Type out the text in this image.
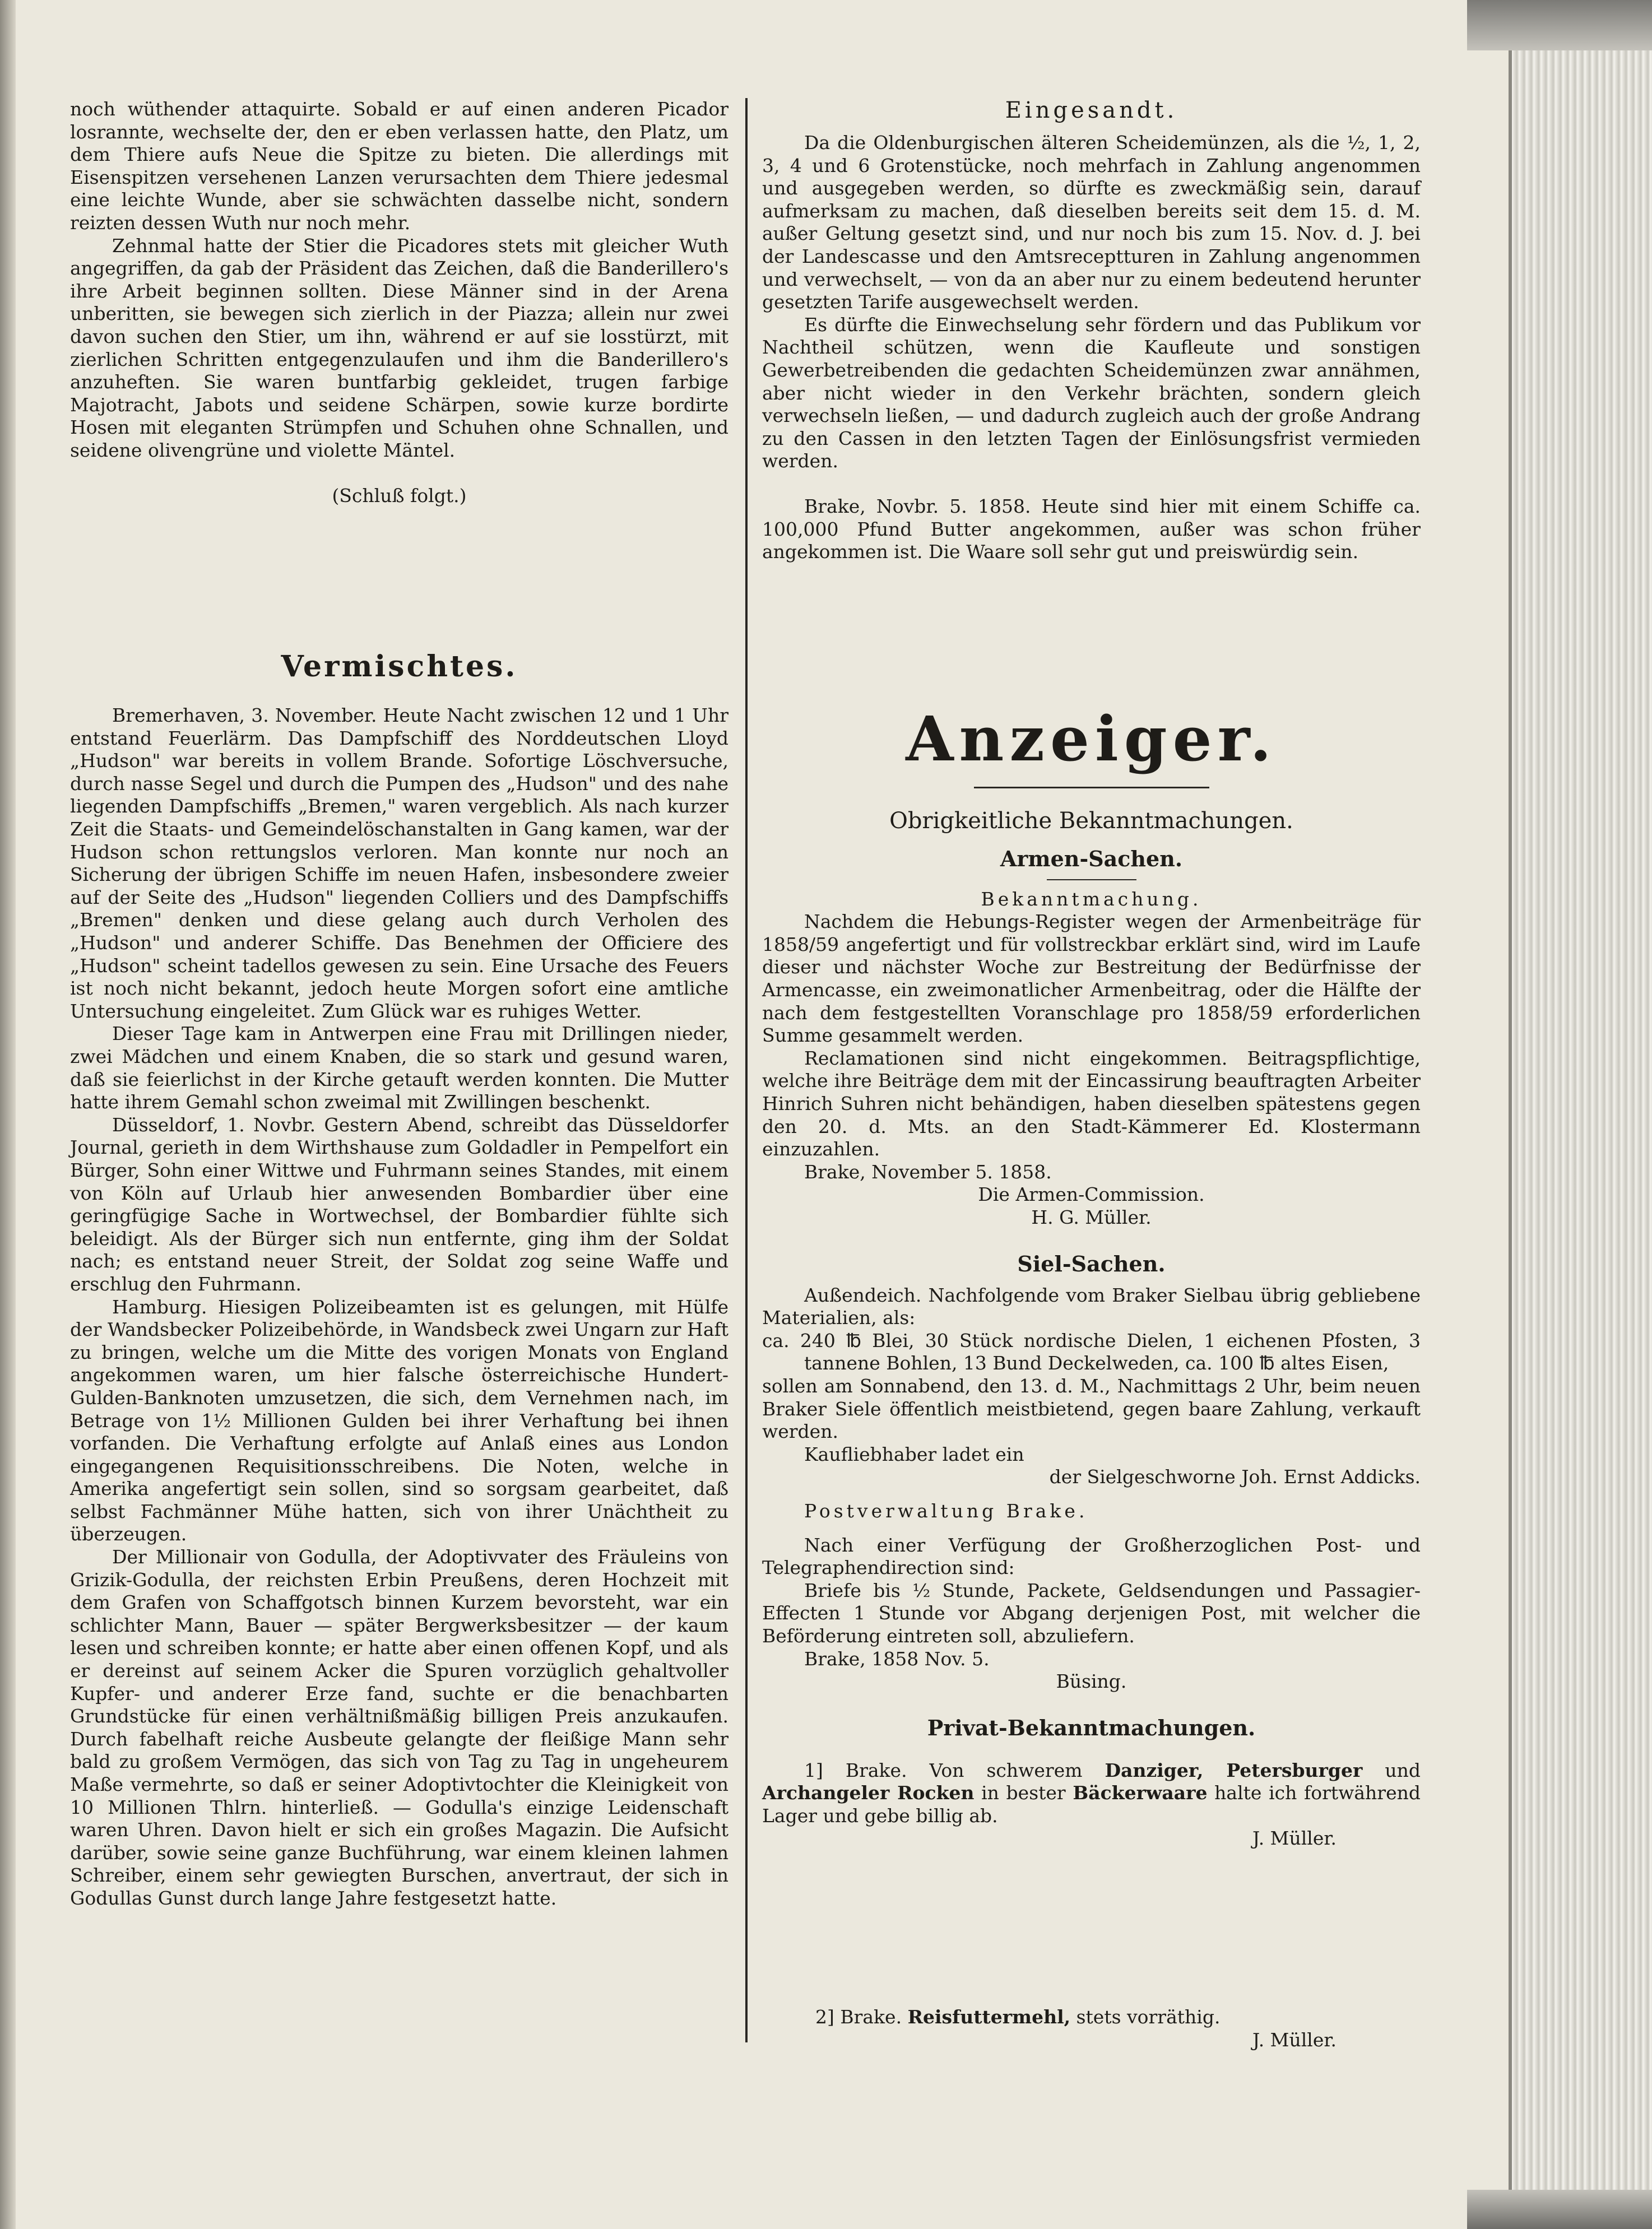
noch wüthender attaquirte. Sobald er auf einen anderen Picador losrannte, wechselte der, den er eben verlassen hatte, den Platz, um dem Thiere aufs Neue die Spitze zu bieten. Die allerdings mit Eisenspitzen versehenen Lanzen verursachten dem Thiere jedesmal eine leichte Wunde, aber sie schwächten dasselbe nicht, sondern reizten dessen Wuth nur noch mehr.

Zehnmal hatte der Stier die Picadores stets mit gleicher Wuth angegriffen, da gab der Präsident das Zeichen, daß die Banderillero's ihre Arbeit beginnen sollten. Diese Männer sind in der Arena unberitten, sie bewegen sich zierlich in der Piazza; allein nur zwei davon suchen den Stier, um ihn, während er auf sie losstürzt, mit zierlichen Schritten entgegenzulaufen und ihm die Banderillero's anzuheften. Sie waren buntfarbig gekleidet, trugen farbige Majotracht, Jabots und seidene Schärpen, sowie kurze bordirte Hosen mit eleganten Strümpfen und Schuhen ohne Schnallen, und seidene olivengrüne und violette Mäntel.

(Schluß folgt.)

Vermischtes.

Bremerhaven, 3. November. Heute Nacht zwischen 12 und 1 Uhr entstand Feuerlärm. Das Dampfschiff des Norddeutschen Lloyd „Hudson" war bereits in vollem Brande. Sofortige Löschversuche, durch nasse Segel und durch die Pumpen des „Hudson" und des nahe liegenden Dampfschiffs „Bremen," waren vergeblich. Als nach kurzer Zeit die Staats- und Gemeindelöschanstalten in Gang kamen, war der Hudson schon rettungslos verloren. Man konnte nur noch an Sicherung der übrigen Schiffe im neuen Hafen, insbesondere zweier auf der Seite des „Hudson" liegenden Colliers und des Dampfschiffs „Bremen" denken und diese gelang auch durch Verholen des „Hudson" und anderer Schiffe. Das Benehmen der Officiere des „Hudson" scheint tadellos gewesen zu sein. Eine Ursache des Feuers ist noch nicht bekannt, jedoch heute Morgen sofort eine amtliche Untersuchung eingeleitet. Zum Glück war es ruhiges Wetter.

Dieser Tage kam in Antwerpen eine Frau mit Drillingen nieder, zwei Mädchen und einem Knaben, die so stark und gesund waren, daß sie feierlichst in der Kirche getauft werden konnten. Die Mutter hatte ihrem Gemahl schon zweimal mit Zwillingen beschenkt.

Düsseldorf, 1. Novbr. Gestern Abend, schreibt das Düsseldorfer Journal, gerieth in dem Wirthshause zum Goldadler in Pempelfort ein Bürger, Sohn einer Wittwe und Fuhrmann seines Standes, mit einem von Köln auf Urlaub hier anwesenden Bombardier über eine geringfügige Sache in Wortwechsel, der Bombardier fühlte sich beleidigt. Als der Bürger sich nun entfernte, ging ihm der Soldat nach; es entstand neuer Streit, der Soldat zog seine Waffe und erschlug den Fuhrmann.

Hamburg. Hiesigen Polizeibeamten ist es gelungen, mit Hülfe der Wandsbecker Polizeibehörde, in Wandsbeck zwei Ungarn zur Haft zu bringen, welche um die Mitte des vorigen Monats von England angekommen waren, um hier falsche österreichische Hundert-Gulden-Banknoten umzusetzen, die sich, dem Vernehmen nach, im Betrage von 1½ Millionen Gulden bei ihrer Verhaftung bei ihnen vorfanden. Die Verhaftung erfolgte auf Anlaß eines aus London eingegangenen Requisitionsschreibens. Die Noten, welche in Amerika angefertigt sein sollen, sind so sorgsam gearbeitet, daß selbst Fachmänner Mühe hatten, sich von ihrer Unächtheit zu überzeugen.

Der Millionair von Godulla, der Adoptivvater des Fräuleins von Grizik-Godulla, der reichsten Erbin Preußens, deren Hochzeit mit dem Grafen von Schaffgotsch binnen Kurzem bevorsteht, war ein schlichter Mann, Bauer — später Bergwerksbesitzer — der kaum lesen und schreiben konnte; er hatte aber einen offenen Kopf, und als er dereinst auf seinem Acker die Spuren vorzüglich gehaltvoller Kupfer- und anderer Erze fand, suchte er die benachbarten Grundstücke für einen verhältnißmäßig billigen Preis anzukaufen. Durch fabelhaft reiche Ausbeute gelangte der fleißige Mann sehr bald zu großem Vermögen, das sich von Tag zu Tag in ungeheurem Maße vermehrte, so daß er seiner Adoptivtochter die Kleinigkeit von 10 Millionen Thlrn. hinterließ. — Godulla's einzige Leidenschaft waren Uhren. Davon hielt er sich ein großes Magazin. Die Aufsicht darüber, sowie seine ganze Buchführung, war einem kleinen lahmen Schreiber, einem sehr gewiegten Burschen, anvertraut, der sich in Godullas Gunst durch lange Jahre festgesetzt hatte.

Eingesandt.

Da die Oldenburgischen älteren Scheidemünzen, als die ½, 1, 2, 3, 4 und 6 Grotenstücke, noch mehrfach in Zahlung angenommen und ausgegeben werden, so dürfte es zweckmäßig sein, darauf aufmerksam zu machen, daß dieselben bereits seit dem 15. d. M. außer Geltung gesetzt sind, und nur noch bis zum 15. Nov. d. J. bei der Landescasse und den Amtsreceptturen in Zahlung angenommen und verwechselt, — von da an aber nur zu einem bedeutend herunter gesetzten Tarife ausgewechselt werden.

Es dürfte die Einwechselung sehr fördern und das Publikum vor Nachtheil schützen, wenn die Kaufleute und sonstigen Gewerbetreibenden die gedachten Scheidemünzen zwar annähmen, aber nicht wieder in den Verkehr brächten, sondern gleich verwechseln ließen, — und dadurch zugleich auch der große Andrang zu den Cassen in den letzten Tagen der Einlösungsfrist vermieden werden.

Brake, Novbr. 5. 1858. Heute sind hier mit einem Schiffe ca. 100,000 Pfund Butter angekommen, außer was schon früher angekommen ist. Die Waare soll sehr gut und preiswürdig sein.

Anzeiger.
Obrigkeitliche Bekanntmachungen.
Armen-Sachen.

Bekanntmachung.

Nachdem die Hebungs-Register wegen der Armenbeiträge für 1858/59 angefertigt und für vollstreckbar erklärt sind, wird im Laufe dieser und nächster Woche zur Bestreitung der Bedürfnisse der Armencasse, ein zweimonatlicher Armenbeitrag, oder die Hälfte der nach dem festgestellten Voranschlage pro 1858/59 erforderlichen Summe gesammelt werden.

Reclamationen sind nicht eingekommen. Beitragspflichtige, welche ihre Beiträge dem mit der Eincassirung beauftragten Arbeiter Hinrich Suhren nicht behändigen, haben dieselben spätestens gegen den 20. d. Mts. an den Stadt-Kämmerer Ed. Klostermann einzuzahlen.

Brake, November 5. 1858.

Die Armen-Commission.

H. G. Müller.

Siel-Sachen.

Außendeich. Nachfolgende vom Braker Sielbau übrig gebliebene Materialien, als:

ca. 240 ℔ Blei, 30 Stück nordische Dielen, 1 eichenen Pfosten, 3 tannene Bohlen, 13 Bund Deckelweden, ca. 100 ℔ altes Eisen,

sollen am Sonnabend, den 13. d. M., Nachmittags 2 Uhr, beim neuen Braker Siele öffentlich meistbietend, gegen baare Zahlung, verkauft werden.

Kaufliebhaber ladet ein

der Sielgeschworne Joh. Ernst Addicks.

Postverwaltung Brake.

Nach einer Verfügung der Großherzoglichen Post- und Telegraphendirection sind:

Briefe bis ½ Stunde, Packete, Geldsendungen und Passagier-Effecten 1 Stunde vor Abgang derjenigen Post, mit welcher die Beförderung eintreten soll, abzuliefern.

Brake, 1858 Nov. 5.

Büsing.

Privat-Bekanntmachungen.

1] Brake. Von schwerem Danziger, Petersburger und Archangeler Rocken in bester Bäckerwaare halte ich fortwährend Lager und gebe billig ab.

J. Müller.

2] Brake. Reisfuttermehl, stets vorräthig.

J. Müller.
